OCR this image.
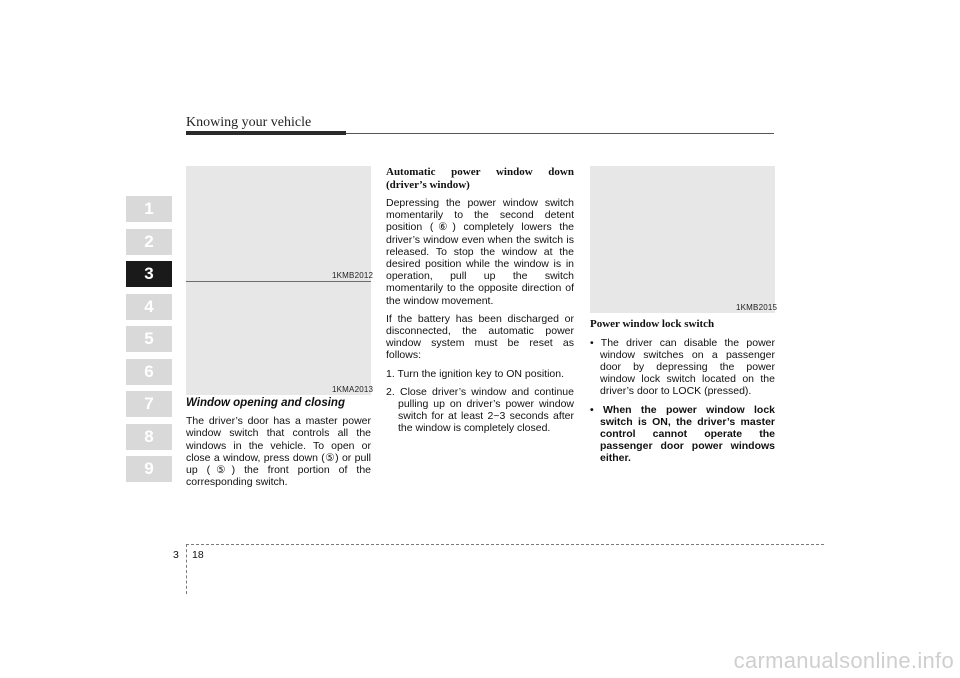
Knowing your vehicle
1
2
3
4
5
6
7
8
9
1KMB2012
1KMA2013

Window opening and closing

The driver’s door has a master power window switch that controls all the windows in the vehicle. To open or close a window, press down (⑤) or pull up (⑤) the front portion of the corresponding switch.

Automatic power window down (driver’s window)

Depressing the power window switch momentarily to the second detent position (⑥) completely lowers the driver’s window even when the switch is released. To stop the window at the desired position while the window is in operation, pull up the switch momentarily to the opposite direction of the window movement.

If the battery has been discharged or disconnected, the automatic power window system must be reset as follows:

1. Turn the ignition key to ON position.

2. Close driver’s window and continue pulling up on driver’s power window switch for at least 2~3 seconds after the window is completely closed.

1KMB2015

Power window lock switch

• The driver can disable the power window switches on a passenger door by depressing the power window lock switch located on the driver’s door to LOCK (pressed).

• When the power window lock switch is ON, the driver’s master control cannot operate the passenger door power windows either.

3 18
carmanualsonline.info
